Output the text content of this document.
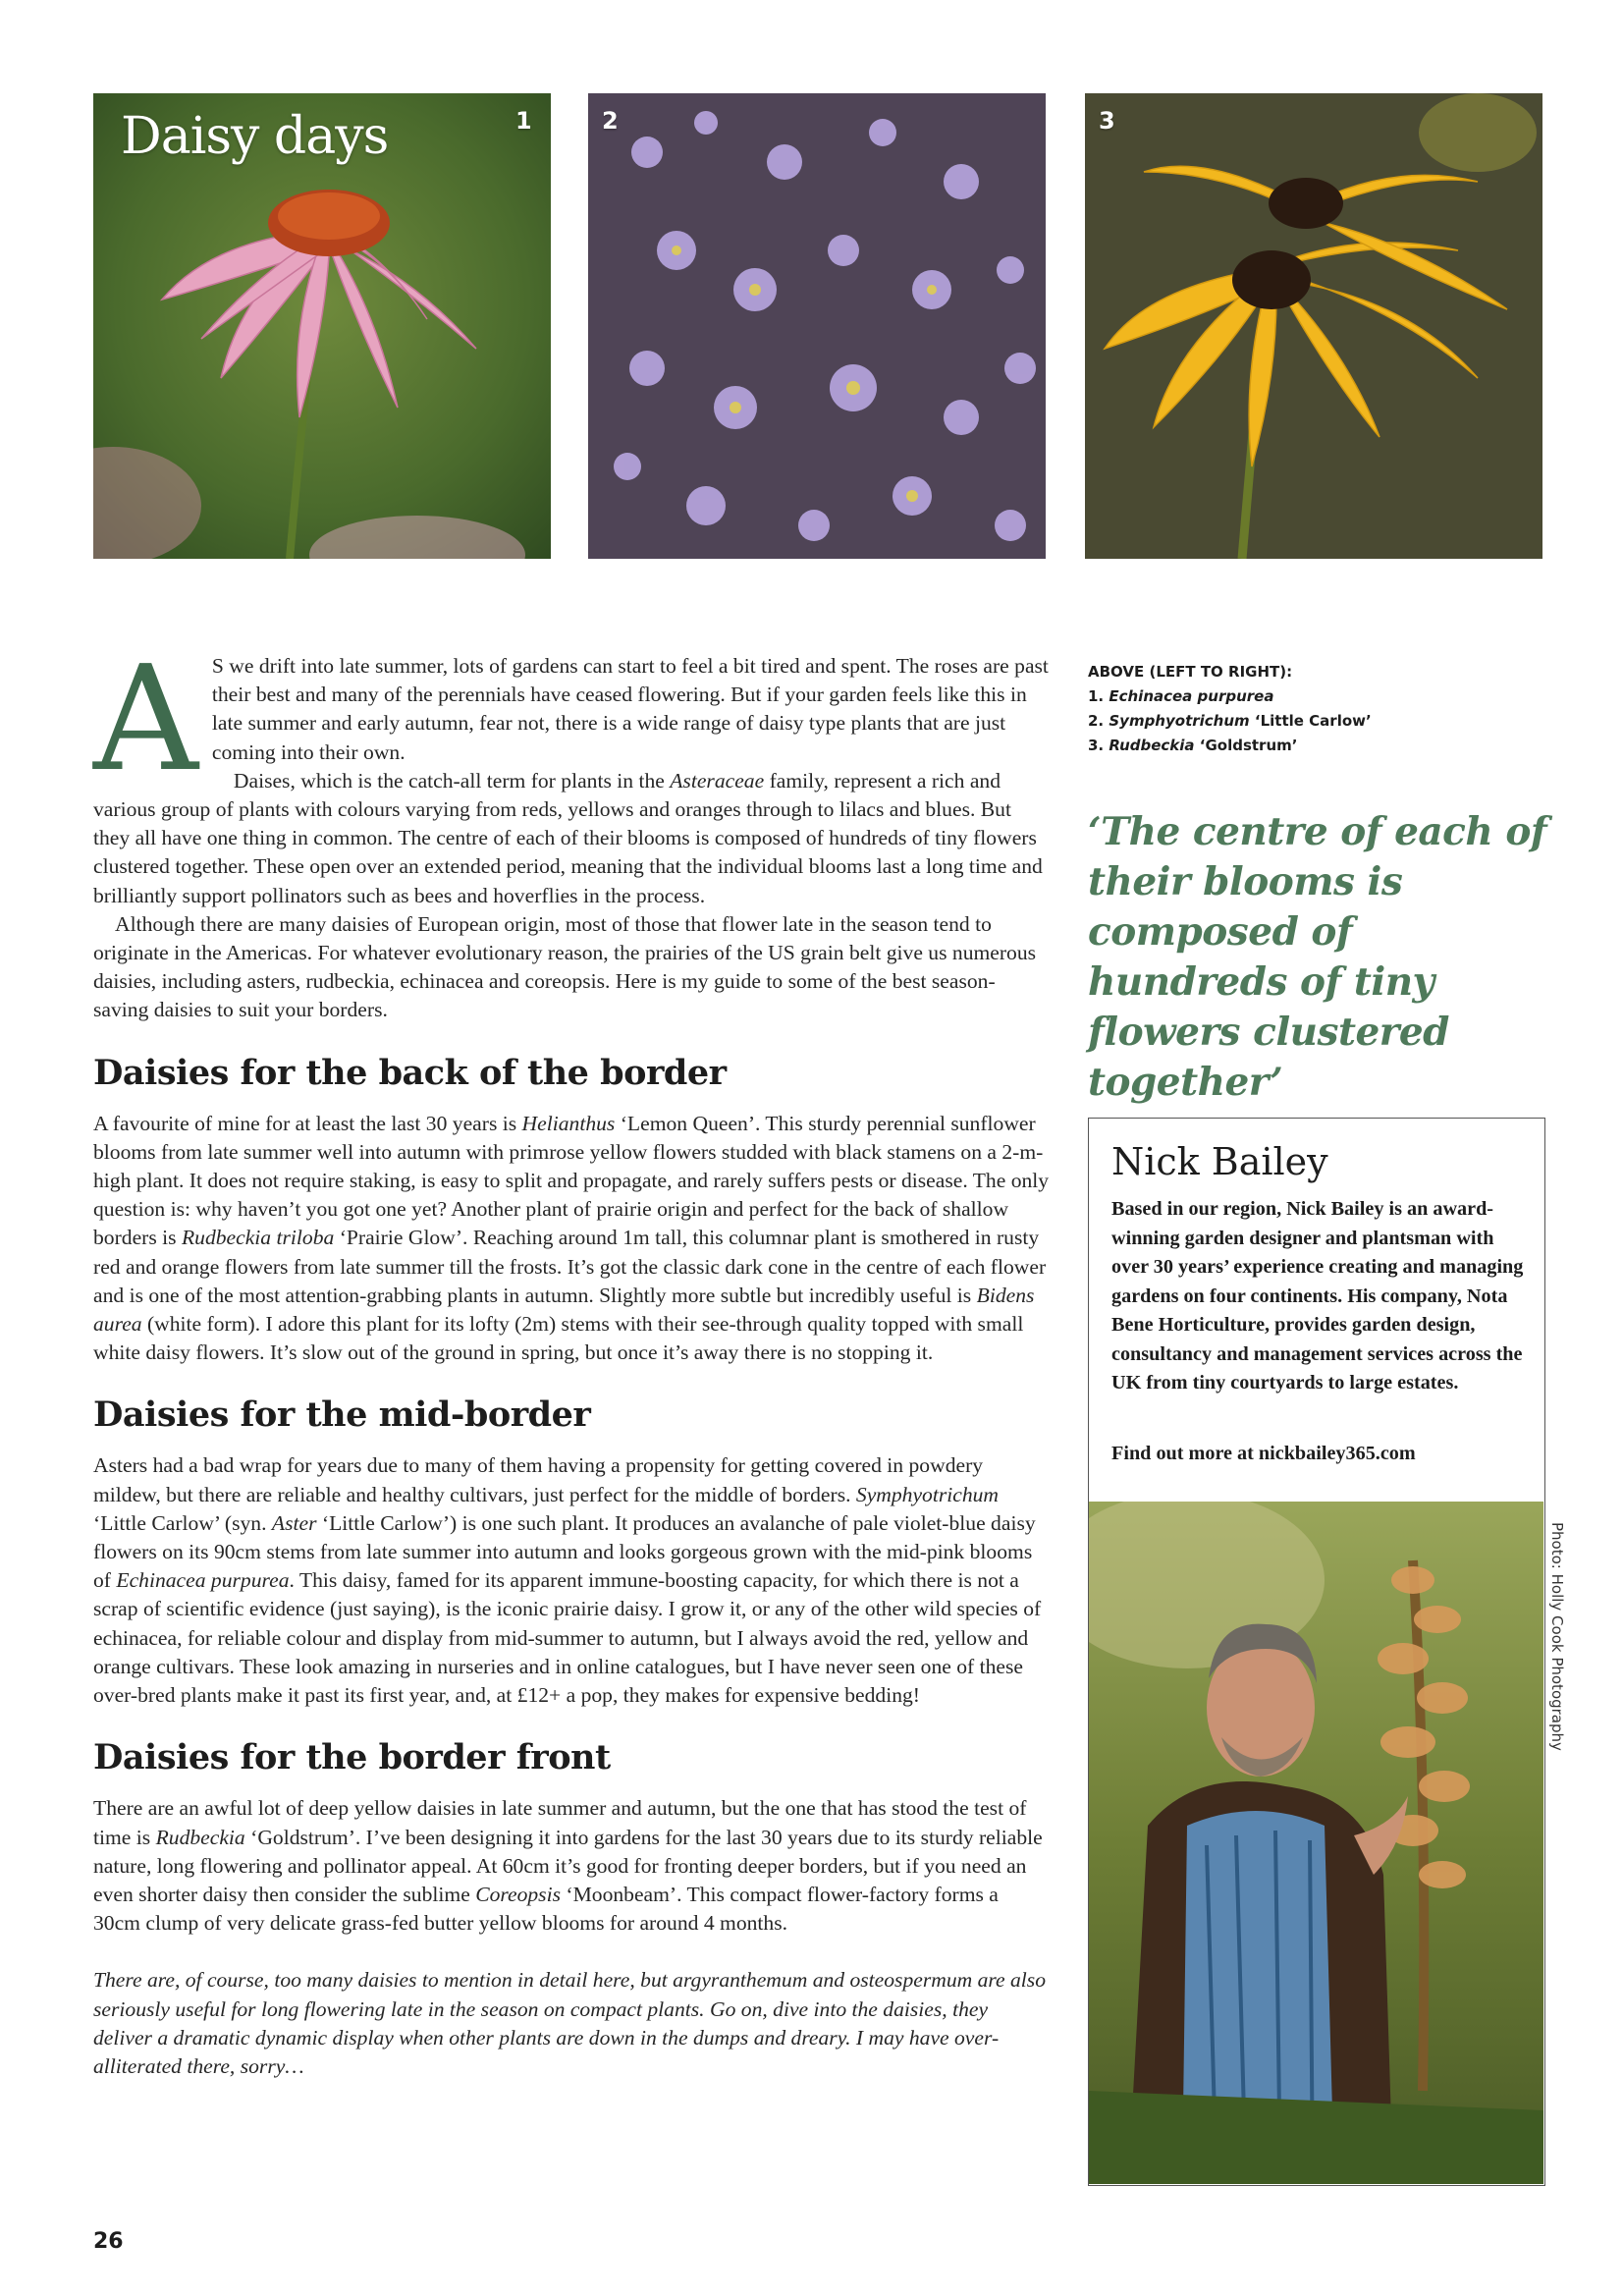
Daisy days	1	2	3
A S we drift into late summer, lots of gardens can start to feel a bit tired and spent. The roses are past their best and many of the perennials have ceased flowering. But if your garden feels like this in late summer and early autumn, fear not, there is a wide range of daisy type plants that are just coming into their own.

Daises, which is the catch-all term for plants in the Asteraceae family, represent a rich and various group of plants with colours varying from reds, yellows and oranges through to lilacs and blues. But they all have one thing in common. The centre of each of their blooms is composed of hundreds of tiny flowers clustered together. These open over an extended period, meaning that the individual blooms last a long time and brilliantly support pollinators such as bees and hoverflies in the process.

Although there are many daisies of European origin, most of those that flower late in the season tend to originate in the Americas. For whatever evolutionary reason, the prairies of the US grain belt give us numerous daisies, including asters, rudbeckia, echinacea and coreopsis. Here is my guide to some of the best season-saving daisies to suit your borders.

Daisies for the back of the border

A favourite of mine for at least the last 30 years is Helianthus ‘Lemon Queen’. This sturdy perennial sunflower blooms from late summer well into autumn with primrose yellow flowers studded with black stamens on a 2-m-high plant. It does not require staking, is easy to split and propagate, and rarely suffers pests or disease. The only question is: why haven’t you got one yet? Another plant of prairie origin and perfect for the back of shallow borders is Rudbeckia triloba ‘Prairie Glow’. Reaching around 1m tall, this columnar plant is smothered in rusty red and orange flowers from late summer till the frosts. It’s got the classic dark cone in the centre of each flower and is one of the most attention-grabbing plants in autumn. Slightly more subtle but incredibly useful is Bidens aurea (white form). I adore this plant for its lofty (2m) stems with their see-through quality topped with small white daisy flowers. It’s slow out of the ground in spring, but once it’s away there is no stopping it.

Daisies for the mid-border

Asters had a bad wrap for years due to many of them having a propensity for getting covered in powdery mildew, but there are reliable and healthy cultivars, just perfect for the middle of borders. Symphyotrichum ‘Little Carlow’ (syn. Aster ‘Little Carlow’) is one such plant. It produces an avalanche of pale violet-blue daisy flowers on its 90cm stems from late summer into autumn and looks gorgeous grown with the mid-pink blooms of Echinacea purpurea. This daisy, famed for its apparent immune-boosting capacity, for which there is not a scrap of scientific evidence (just saying), is the iconic prairie daisy. I grow it, or any of the other wild species of echinacea, for reliable colour and display from mid-summer to autumn, but I always avoid the red, yellow and orange cultivars. These look amazing in nurseries and in online catalogues, but I have never seen one of these over-bred plants make it past its first year, and, at £12+ a pop, they makes for expensive bedding!

Daisies for the border front

There are an awful lot of deep yellow daisies in late summer and autumn, but the one that has stood the test of time is Rudbeckia ‘Goldstrum’. I’ve been designing it into gardens for the last 30 years due to its sturdy reliable nature, long flowering and pollinator appeal. At 60cm it’s good for fronting deeper borders, but if you need an even shorter daisy then consider the sublime Coreopsis ‘Moonbeam’. This compact flower-factory forms a 30cm clump of very delicate grass-fed butter yellow blooms for around 4 months.

There are, of course, too many daisies to mention in detail here, but argyranthemum and osteospermum are also seriously useful for long flowering late in the season on compact plants. Go on, dive into the daisies, they deliver a dramatic dynamic display when other plants are down in the dumps and dreary. I may have over-alliterated there, sorry…

ABOVE (LEFT TO RIGHT):
1. Echinacea purpurea
2. Symphyotrichum ‘Little Carlow’
3. Rudbeckia ‘Goldstrum’

‘The centre of each of their blooms is composed of hundreds of tiny flowers clustered together’

Nick Bailey

Based in our region, Nick Bailey is an award-winning garden designer and plantsman with over 30 years’ experience creating and managing gardens on four continents. His company, Nota Bene Horticulture, provides garden design, consultancy and management services across the UK from tiny courtyards to large estates.

Find out more at nickbailey365.com

Photo: Holly Cook Photography
26
